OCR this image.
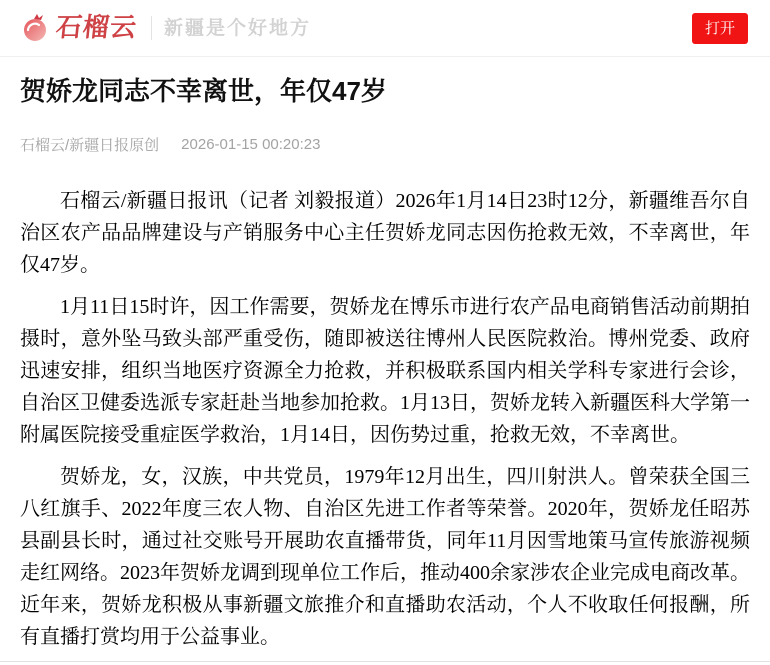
石榴云 新疆是个好地方	打开
贺娇龙同志不幸离世，年仅47岁
石榴云/新疆日报原创 2026-01-15 00:20:23

石榴云/新疆日报讯（记者 刘毅报道）2026年1月14日23时12分，新疆维吾尔自治区农产品品牌建设与产销服务中心主任贺娇龙同志因伤抢救无效，不幸离世，年仅47岁。

1月11日15时许，因工作需要，贺娇龙在博乐市进行农产品电商销售活动前期拍摄时，意外坠马致头部严重受伤，随即被送往博州人民医院救治。博州党委、政府迅速安排，组织当地医疗资源全力抢救，并积极联系国内相关学科专家进行会诊，自治区卫健委选派专家赶赴当地参加抢救。1月13日，贺娇龙转入新疆医科大学第一附属医院接受重症医学救治，1月14日，因伤势过重，抢救无效，不幸离世。

贺娇龙，女，汉族，中共党员，1979年12月出生，四川射洪人。曾荣获全国三八红旗手、2022年度三农人物、自治区先进工作者等荣誉。2020年，贺娇龙任昭苏县副县长时，通过社交账号开展助农直播带货，同年11月因雪地策马宣传旅游视频走红网络。2023年贺娇龙调到现单位工作后，推动400余家涉农企业完成电商改革。近年来，贺娇龙积极从事新疆文旅推介和直播助农活动，个人不收取任何报酬，所有直播打赏均用于公益事业。
